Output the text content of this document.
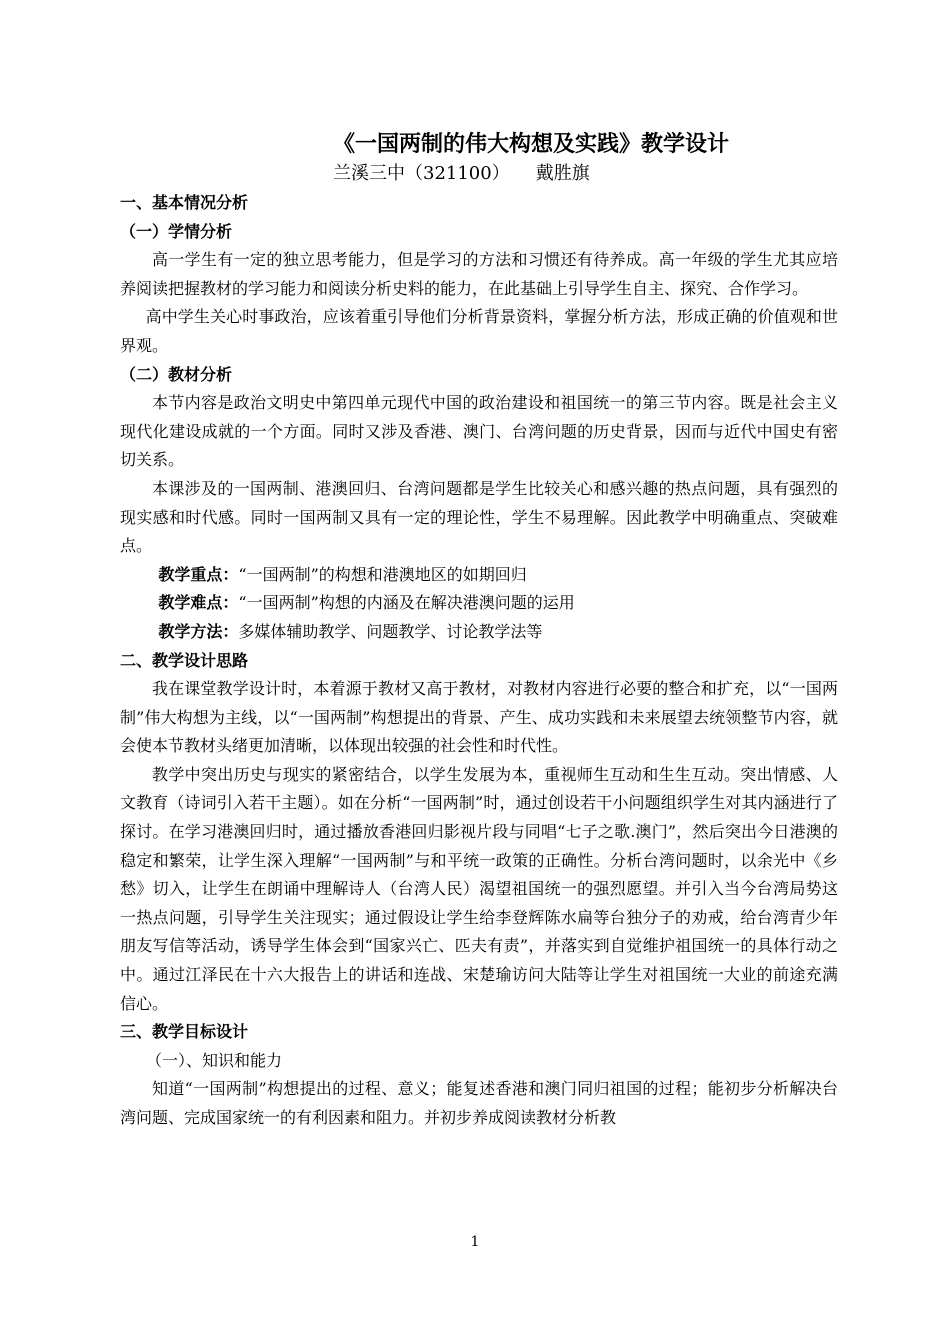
《一国两制的伟大构想及实践》教学设计
兰溪三中（321100） 戴胜旗
一、基本情况分析
（一）学情分析
高一学生有一定的独立思考能力，但是学习的方法和习惯还有待养成。高一年级的学生尤其应培养阅读把握教材的学习能力和阅读分析史料的能力，在此基础上引导学生自主、探究、合作学习。
高中学生关心时事政治，应该着重引导他们分析背景资料，掌握分析方法，形成正确的价值观和世界观。
（二）教材分析
本节内容是政治文明史中第四单元现代中国的政治建设和祖国统一的第三节内容。既是社会主义现代化建设成就的一个方面。同时又涉及香港、澳门、台湾问题的历史背景，因而与近代中国史有密切关系。
本课涉及的一国两制、港澳回归、台湾问题都是学生比较关心和感兴趣的热点问题，具有强烈的现实感和时代感。同时一国两制又具有一定的理论性，学生不易理解。因此教学中明确重点、突破难点。
教学重点：“一国两制”的构想和港澳地区的如期回归
教学难点：“一国两制”构想的内涵及在解决港澳问题的运用
教学方法：多媒体辅助教学、问题教学、讨论教学法等
二、教学设计思路
我在课堂教学设计时，本着源于教材又高于教材，对教材内容进行必要的整合和扩充，以“一国两制”伟大构想为主线，以“一国两制”构想提出的背景、产生、成功实践和未来展望去统领整节内容，就会使本节教材头绪更加清晰，以体现出较强的社会性和时代性。
教学中突出历史与现实的紧密结合，以学生发展为本，重视师生互动和生生互动。突出情感、人文教育（诗词引入若干主题）。如在分析“一国两制”时，通过创设若干小问题组织学生对其内涵进行了探讨。在学习港澳回归时，通过播放香港回归影视片段与同唱“七子之歌.澳门”，然后突出今日港澳的稳定和繁荣，让学生深入理解“一国两制”与和平统一政策的正确性。分析台湾问题时，以余光中《乡愁》切入，让学生在朗诵中理解诗人（台湾人民）渴望祖国统一的强烈愿望。并引入当今台湾局势这一热点问题，引导学生关注现实；通过假设让学生给李登辉陈水扁等台独分子的劝戒，给台湾青少年朋友写信等活动，诱导学生体会到“国家兴亡、匹夫有责”，并落实到自觉维护祖国统一的具体行动之中。通过江泽民在十六大报告上的讲话和连战、宋楚瑜访问大陆等让学生对祖国统一大业的前途充满信心。
三、教学目标设计
（一）、知识和能力
知道“一国两制”构想提出的过程、意义；能复述香港和澳门同归祖国的过程；能初步分析解决台湾问题、完成国家统一的有利因素和阻力。并初步养成阅读教材分析教
1
